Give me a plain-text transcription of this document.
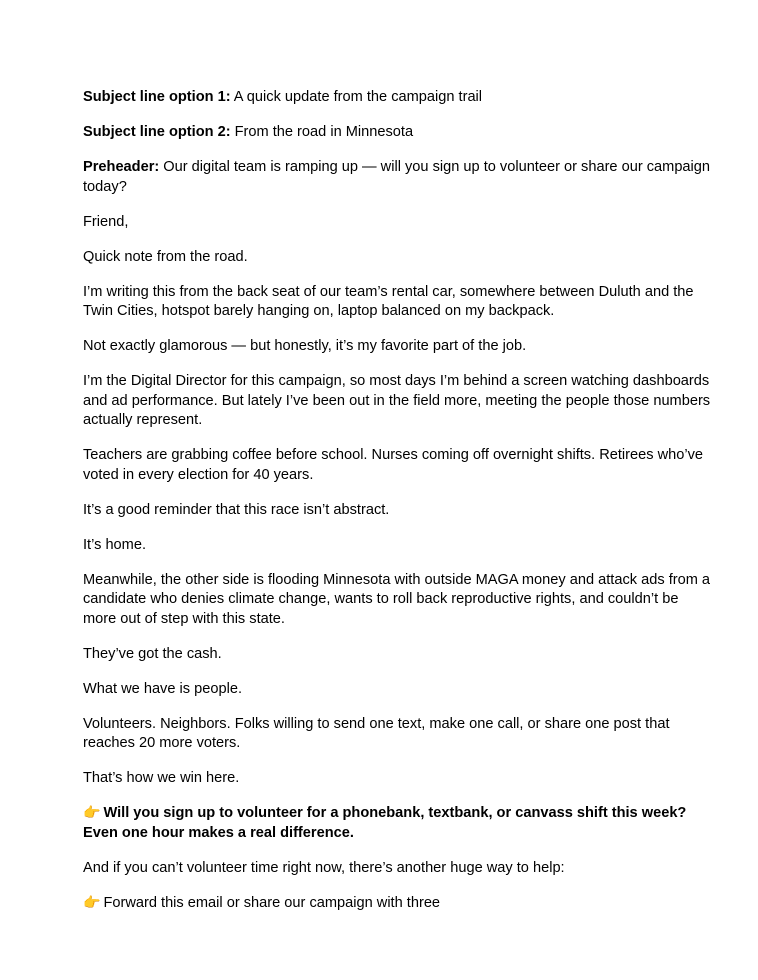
Subject line option 1: A quick update from the campaign trail

Subject line option 2: From the road in Minnesota

Preheader: Our digital team is ramping up — will you sign up to volunteer or share our campaign today?

Friend,

Quick note from the road.

I’m writing this from the back seat of our team’s rental car, somewhere between Duluth and the Twin Cities, hotspot barely hanging on, laptop balanced on my backpack.

Not exactly glamorous — but honestly, it’s my favorite part of the job.

I’m the Digital Director for this campaign, so most days I’m behind a screen watching dashboards and ad performance. But lately I’ve been out in the field more, meeting the people those numbers actually represent.

Teachers are grabbing coffee before school. Nurses coming off overnight shifts. Retirees who’ve voted in every election for 40 years.

It’s a good reminder that this race isn’t abstract.

It’s home.

Meanwhile, the other side is flooding Minnesota with outside MAGA money and attack ads from a candidate who denies climate change, wants to roll back reproductive rights, and couldn’t be more out of step with this state.

They’ve got the cash.

What we have is people.

Volunteers. Neighbors. Folks willing to send one text, make one call, or share one post that reaches 20 more voters.

That’s how we win here.

👉 Will you sign up to volunteer for a phonebank, textbank, or canvass shift this week? Even one hour makes a real difference.

And if you can’t volunteer time right now, there’s another huge way to help:

👉 Forward this email or share our campaign with three
